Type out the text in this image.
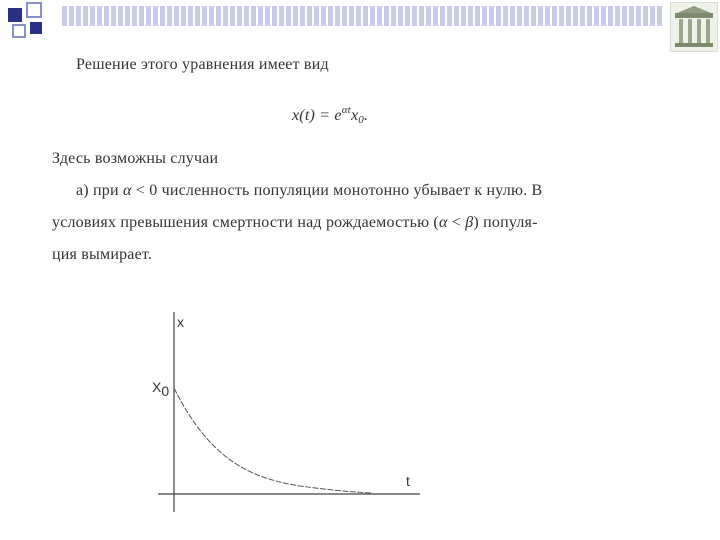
Решение этого уравнения имеет вид
$x(t) = e^{\alpha t}x_0$.
Здесь возможны случаи
а) при α < 0 численность популяции монотонно убывает к нулю. В
условиях превышения смертности над рождаемостью (α < β) популя-
ция вымирает.
x
t
X0
